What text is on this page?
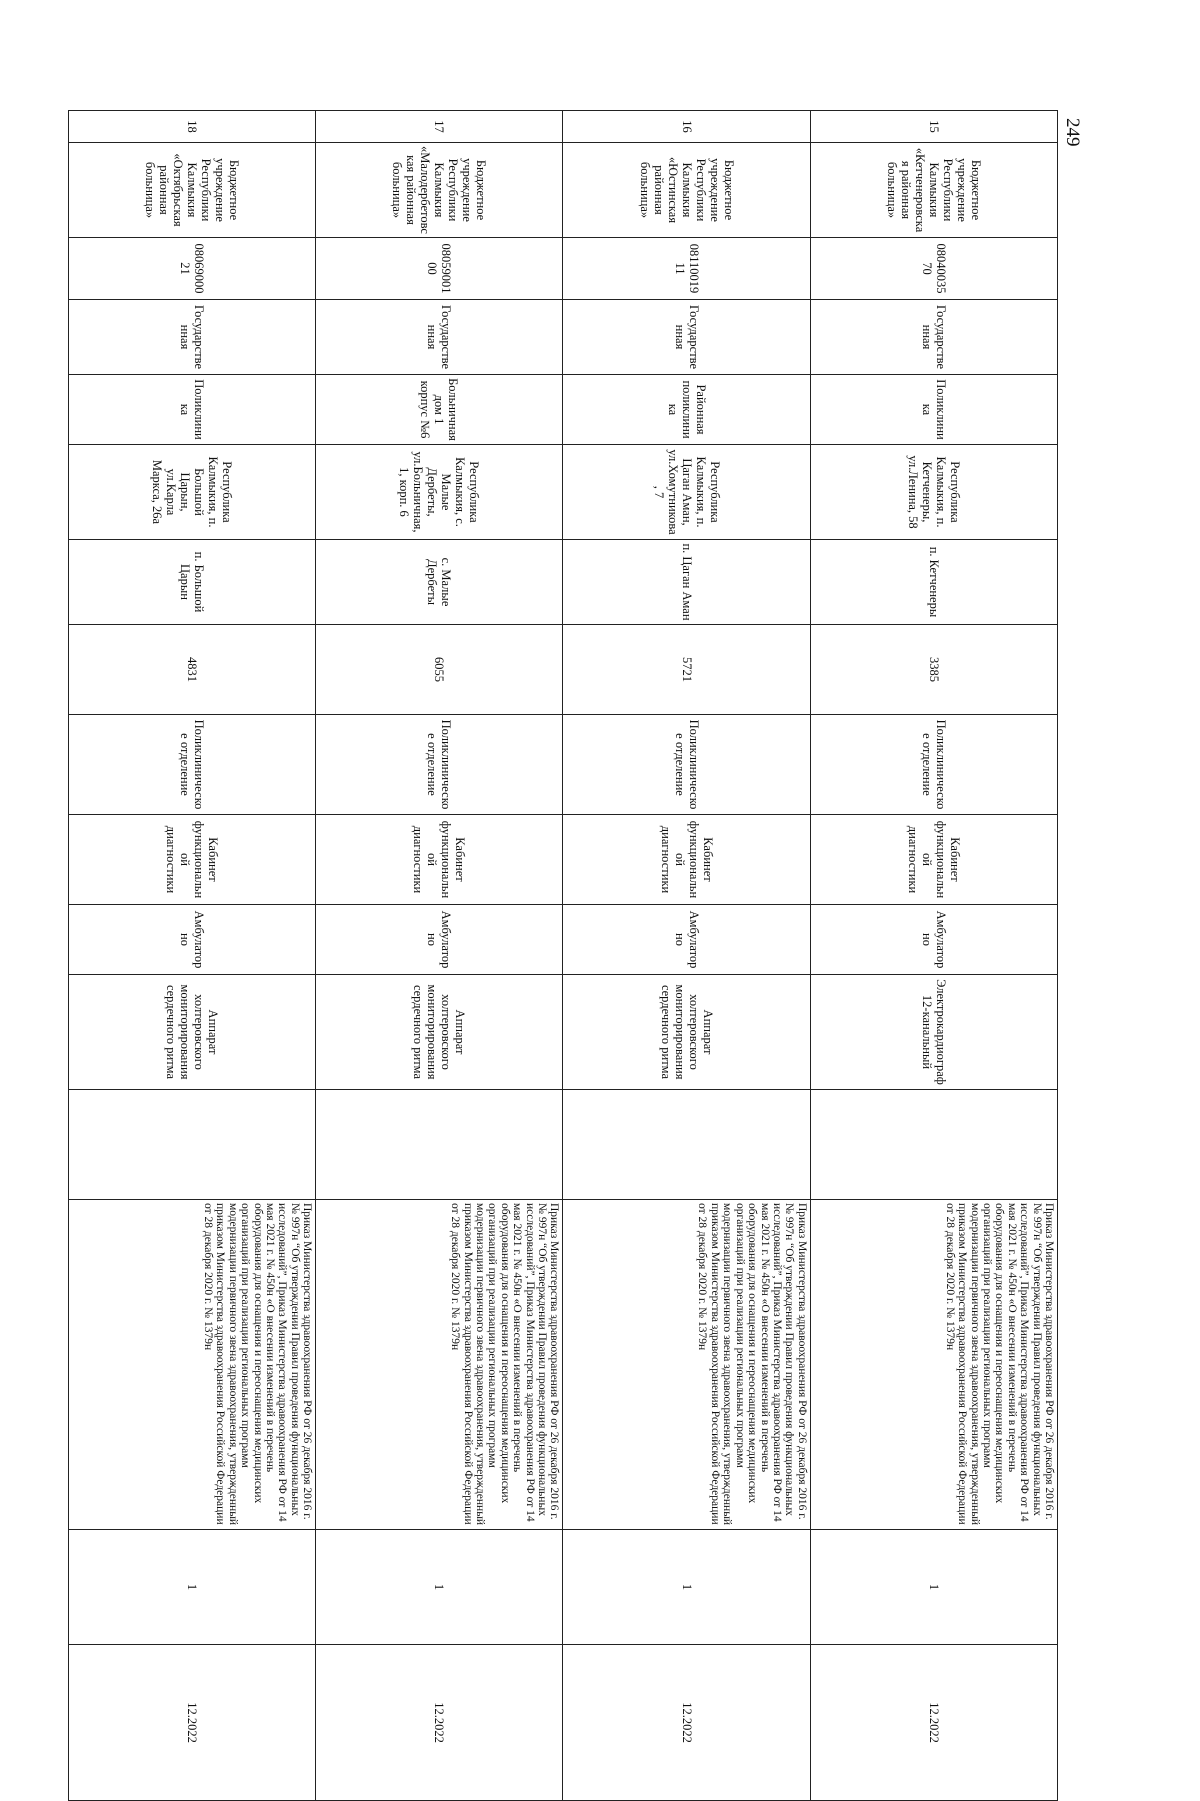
249
15	Бюджетное учреждение Республики Калмыкия «Кетченеровская районная больница»	0804003570	Государственная	Поликлиника	Республика Калмыкия, п. Кетченеры, ул.Ленина, 58	п. Кетченеры	3385	Поликлиническое отделение	Кабинет функциональной диагностики	Амбулаторно	Электрокардиограф 12-канальный		Приказ Министерства здравоохранения РФ от 26 декабря 2016 г. № 997н “Об утверждении Правил проведения функциональных исследований”, Приказ Министерства здравоохранения РФ от 14 мая 2021 г. № 450н «О внесении изменений в перечень оборудования для оснащения и переоснащения медицинских организаций при реализации региональных программ модернизации первичного звена здравоохранения, утвержденный приказом Министерства здравоохранения Российской Федерации от 28 декабря 2020 г. № 1379н	1	12.2022
16	Бюджетное учреждение Республики Калмыкия «Юстинская районная больница»	0811001911	Государственная	Районная поликлиника	Республика Калмыкия, п. Цаган Аман, ул.Хомутникова, 7	п. Цаган Аман	5721	Поликлиническое отделение	Кабинет функциональной диагностики	Амбулаторно	Аппарат холтеровского мониторирования сердечного ритма		Приказ Министерства здравоохранения РФ от 26 декабря 2016 г. № 997н “Об утверждении Правил проведения функциональных исследований”, Приказ Министерства здравоохранения РФ от 14 мая 2021 г. № 450н «О внесении изменений в перечень оборудования для оснащения и переоснащения медицинских организаций при реализации региональных программ модернизации первичного звена здравоохранения, утвержденный приказом Министерства здравоохранения Российской Федерации от 28 декабря 2020 г. № 1379н	1	12.2022
17	Бюджетное учреждение Республики Калмыкия «Малодербетовская районная больница»	0805900100	Государственная	Больничная дом 1 корпус №6	Республика Калмыкия, с. Малые Дербеты, ул.Больничная, 1, корп. 6	с. Малые Дербеты	6055	Поликлиническое отделение	Кабинет функциональной диагностики	Амбулаторно	Аппарат холтеровского мониторирования сердечного ритма		Приказ Министерства здравоохранения РФ от 26 декабря 2016 г. № 997н “Об утверждении Правил проведения функциональных исследований”, Приказ Министерства здравоохранения РФ от 14 мая 2021 г. № 450н «О внесении изменений в перечень оборудования для оснащения и переоснащения медицинских организаций при реализации региональных программ модернизации первичного звена здравоохранения, утвержденный приказом Министерства здравоохранения Российской Федерации от 28 декабря 2020 г. № 1379н	1	12.2022
18	Бюджетное учреждение Республики Калмыкия «Октябрьская районная больница»	0806900021	Государственная	Поликлиника	Республика Калмыкия, п. Большой Царын, ул.Карла Маркса, 26а	п. Большой Царын	4831	Поликлиническое отделение	Кабинет функциональной диагностики	Амбулаторно	Аппарат холтеровского мониторирования сердечного ритма		Приказ Министерства здравоохранения РФ от 26 декабря 2016 г. № 997н “Об утверждении Правил проведения функциональных исследований”, Приказ Министерства здравоохранения РФ от 14 мая 2021 г. № 450н «О внесении изменений в перечень оборудования для оснащения и переоснащения медицинских организаций при реализации региональных программ модернизации первичного звена здравоохранения, утвержденный приказом Министерства здравоохранения Российской Федерации от 28 декабря 2020 г. № 1379н	1	12.2022
